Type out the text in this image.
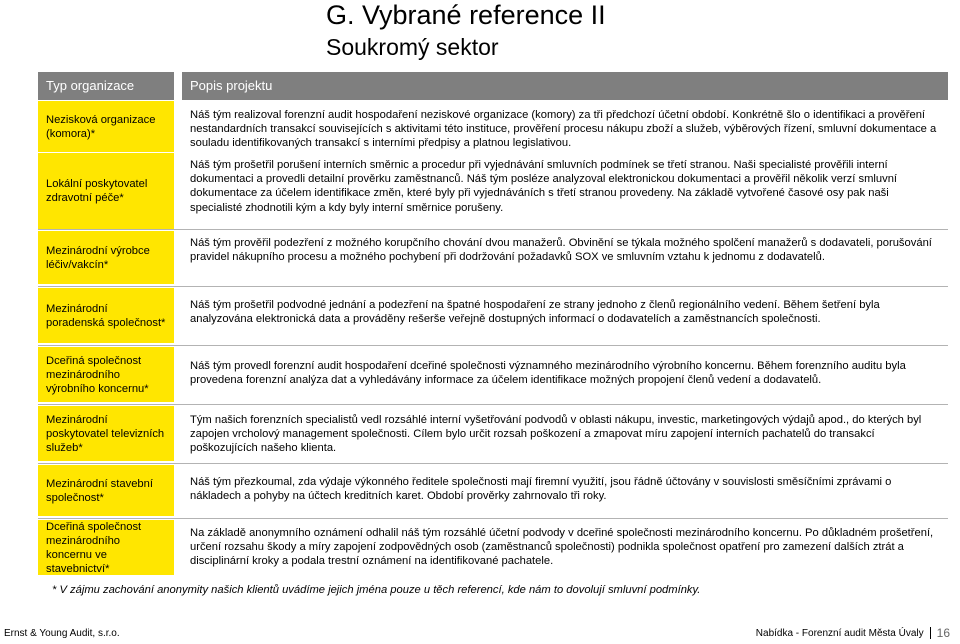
G. Vybrané reference II
Soukromý sektor
Typ organizace	Popis projektu
Nezisková organizace (komora)*

Náš tým realizoval forenzní audit hospodaření neziskové organizace (komory) za tři předchozí účetní období. Konkrétně šlo o identifikaci a prověření nestandardních transakcí souvisejících s aktivitami této instituce, prověření procesu nákupu zboží a služeb, výběrových řízení, smluvní dokumentace a souladu identifikovaných transakcí s interními předpisy a platnou legislativou.

Lokální poskytovatel zdravotní péče*

Náš tým prošetřil porušení interních směrnic a procedur při vyjednávání smluvních podmínek se třetí stranou. Naši specialisté prověřili interní dokumentaci a provedli detailní prověrku zaměstnanců. Náš tým posléze analyzoval elektronickou dokumentaci a prověřil několik verzí smluvní dokumentace za účelem identifikace změn, které byly při vyjednáváních s třetí stranou provedeny. Na základě vytvořené časové osy pak naši specialisté zhodnotili kým a kdy byly interní směrnice porušeny.

Mezinárodní výrobce léčiv/vakcín*

Náš tým prověřil podezření z možného korupčního chování dvou manažerů. Obvinění se týkala možného spolčení manažerů s dodavateli, porušování pravidel nákupního procesu a možného pochybení při dodržování požadavků SOX ve smluvním vztahu k jednomu z dodavatelů.

Mezinárodní poradenská společnost*

Náš tým prošetřil podvodné jednání a podezření na špatné hospodaření ze strany jednoho z členů regionálního vedení. Během šetření byla analyzována elektronická data a prováděny rešerše veřejně dostupných informací o dodavatelích a zaměstnancích společnosti.

Dceřiná společnost mezinárodního výrobního koncernu*

Náš tým provedl forenzní audit hospodaření dceřiné společnosti významného mezinárodního výrobního koncernu. Během forenzního auditu byla provedena forenzní analýza dat a vyhledávány informace za účelem identifikace možných propojení členů vedení a dodavatelů.

Mezinárodní poskytovatel televizních služeb*

Tým našich forenzních specialistů vedl rozsáhlé interní vyšetřování podvodů v oblasti nákupu, investic, marketingových výdajů apod., do kterých byl zapojen vrcholový management společnosti. Cílem bylo určit rozsah poškození a zmapovat míru zapojení interních pachatelů do transakcí poškozujících našeho klienta.

Mezinárodní stavební společnost*

Náš tým přezkoumal, zda výdaje výkonného ředitele společnosti mají firemní využití, jsou řádně účtovány v souvislosti směsíčními zprávami o nákladech a pohyby na účtech kreditních karet. Období prověrky zahrnovalo tři roky.

Dceřiná společnost mezinárodního koncernu ve stavebnictví*

Na základě anonymního oznámení odhalil náš tým rozsáhlé účetní podvody v dceřiné společnosti mezinárodního koncernu. Po důkladném prošetření, určení rozsahu škody a míry zapojení zodpovědných osob (zaměstnanců společnosti) podnikla společnost opatření pro zamezení dalších ztrát a disciplinární kroky a podala trestní oznámení na identifikované pachatele.

* V zájmu zachování anonymity našich klientů uvádíme jejich jména pouze u těch referencí, kde nám to dovolují smluvní podmínky.
Ernst & Young Audit, s.r.o.	Nabídka - Forenzní audit Města Úvaly 16
